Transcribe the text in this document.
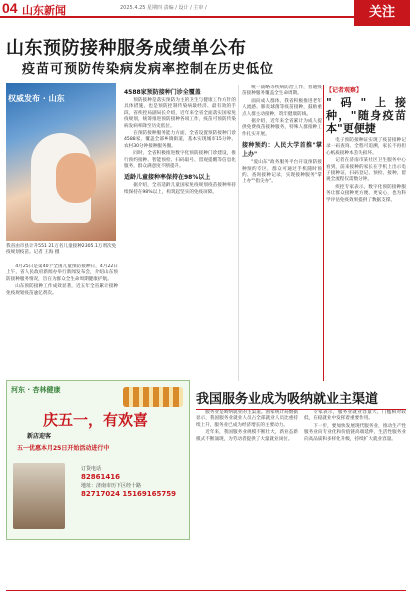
04 山东新闻	2025.4.25 星期四 责编 / 设计 / 主审 /	关注
山东预防接种服务成绩单公布
疫苗可预防传染病发病率控制在历史低位
权威发布 · 山东
我省由市县计升551 21万名儿童接种2305.1万剂次免疫规划疫苗。记者 王海 摄

4月25日是第40个全国儿童预防接种日，4月22日上午，省人民政府新闻办举行新闻发布会，介绍山东预防接种服务情况，旨在为群众全生命周期健康护航。

山东预防接种工作成效显著，近五年全省累计接种免疫规划疫苗逾亿剂次。

4588家预防接种门诊全覆盖

预防接种是落实预防为主的卫生与健康工作方针的具体措施，也是预防控制传染病最经济、最有效的手段。省疾控局副局长介绍，近年来全省全面落实国家免疫规划，统筹推进预防接种各项工作，疫苗可预防传染病发病率降至历史低位。

在预防接种服务能力方面，全省设置预防接种门诊4588家，覆盖全部乡镇街道，基本实现城市15分钟、农村30分钟接种服务圈。

同时，全省积极推进数字化预防接种门诊建设，推行预约接种、智能预检、扫码取号、留观提醒等信息化服务，群众满意度不断提升。

适龄儿童接种率保持在98%以上

据介绍，全省适龄儿童国家免疫规划疫苗接种率持续保持在98%以上，构筑起坚实的免疫屏障。

统一战略等疾病防治工作，普通疫苗接种服务覆盖全生命周期。

面向成人群体，我省积极推进老年人流感、肺炎球菌等疫苗接种，鼓励重点人群主动接种，筑牢健康防线。

据介绍，近年来全省累计为成人提供免费疫苗接种服务，特殊人群接种工作扎实开展。

接种预约：人民大学首推"掌上办"

"爱山东"政务服务平台开设预防接种预约专区，群众可通过手机随时预约、查询接种记录，实现接种服务"掌上办""指尖办"。

【记者观察】
"码"上接种，"随身疫苗本"更便捷

电子预防接种证实现了疫苗接种记录一码查询、全程可追溯，家长不再担心纸质接种本丢失损坏。

记者在济南市某社区卫生服务中心看到，前来接种的家长在手机上出示电子接种证，扫码登记、预检、接种、留观全流程仅需数分钟。

疾控专家表示，数字化预防接种服务让群众接种更方便、更安心，也为科学评估免疫效果提供了数据支撑。

河东 · 杏林健康
庆五一，有欢喜
新店迎客
五一优惠本月25日开始活动进行中
订货电话
82861416
地址：济南市历下区经十路
82717024 15169165759
我国服务业成为吸纳就业主渠道

服务业是吸纳就业的主渠道。国家统计局数据显示，我国服务业就业人员占全部就业人员比重持续上升，服务业已成为经济增长的主要动力。

近年来，我国服务业规模不断壮大，新业态新模式不断涌现，为劳动者提供了大量就业岗位。

专家表示，服务业就业容量大、门槛相对较低，在稳就业中发挥着重要作用。

下一步，要加快发展现代服务业，推动生产性服务业向专业化和价值链高端延伸，生活性服务业向高品质和多样化升级，持续扩大就业容量。
